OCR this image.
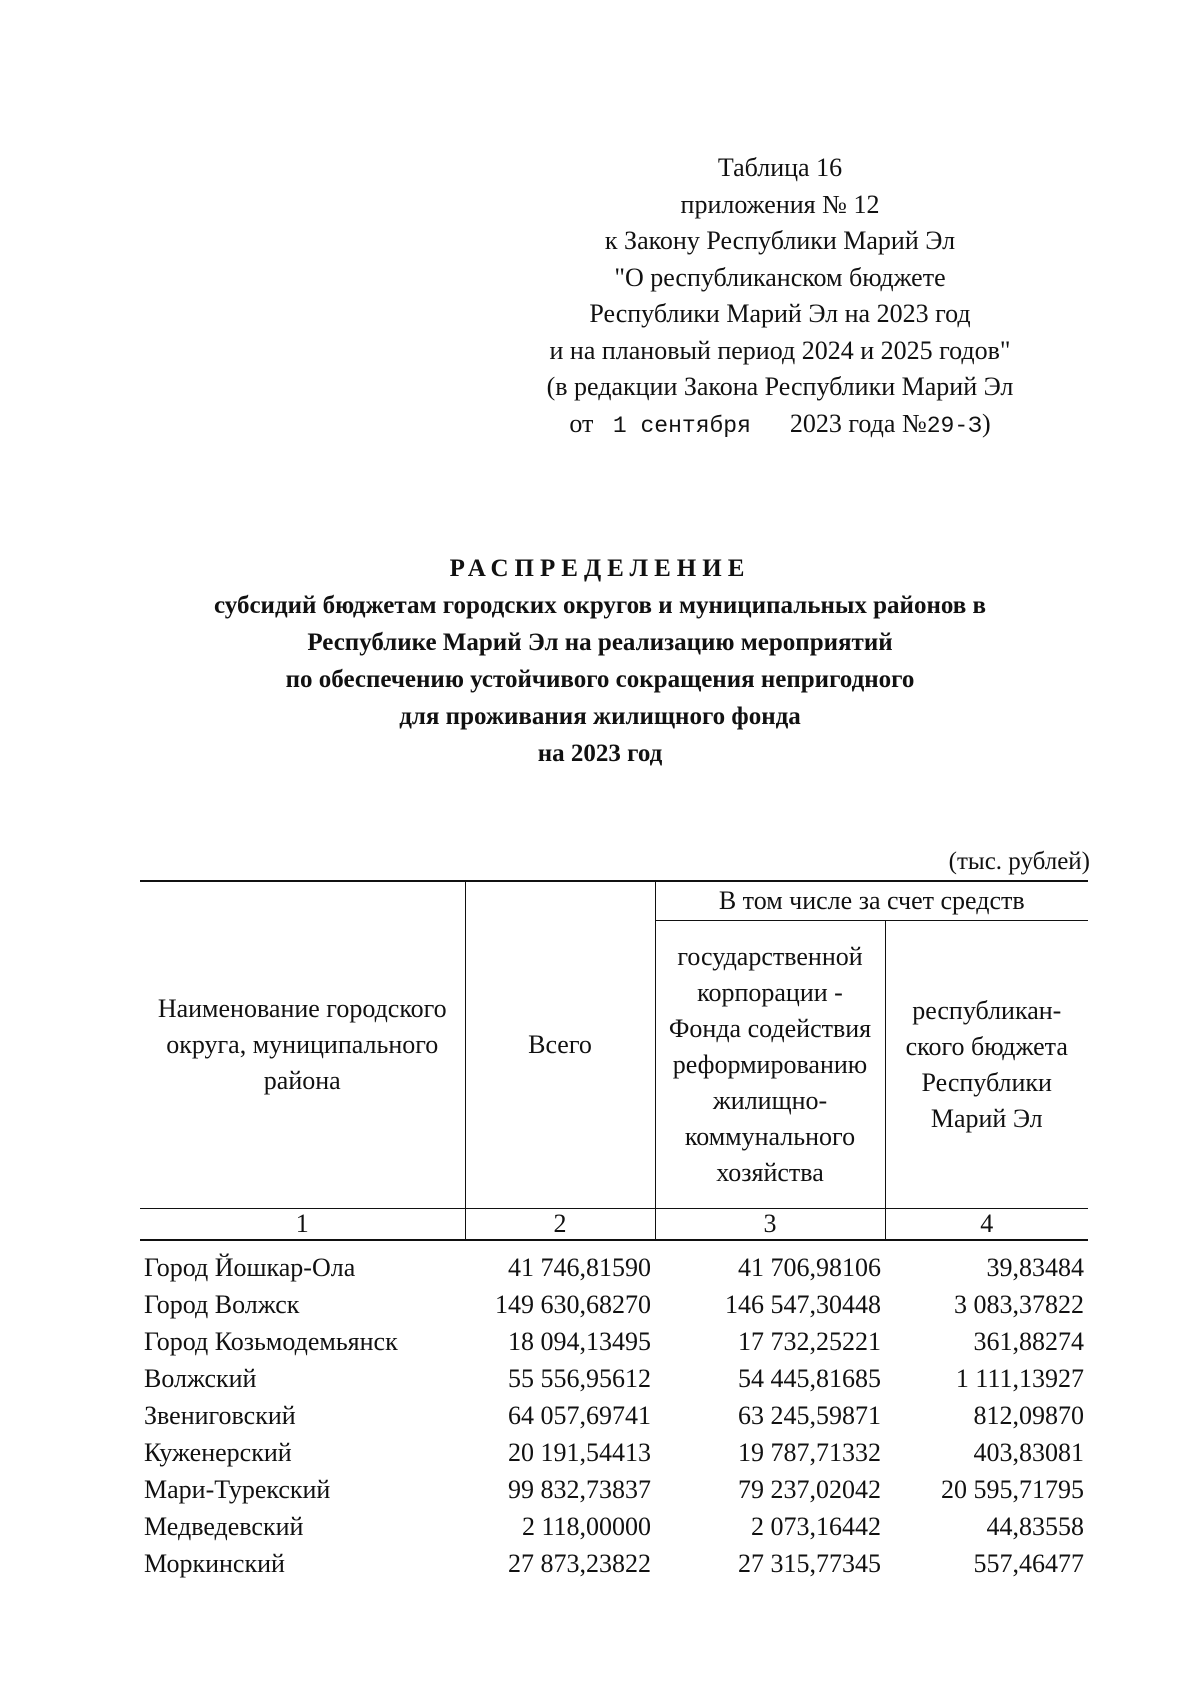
Таблица 16
приложения № 12
к Закону Республики Марий Эл
"О республиканском бюджете
Республики Марий Эл на 2023 год
и на плановый период 2024 и 2025 годов"
(в редакции Закона Республики Марий Эл
от 1 сентября 2023 года №29-З)
РАСПРЕДЕЛЕНИЕ
субсидий бюджетам городских округов и муниципальных районов в
Республике Марий Эл на реализацию мероприятий
по обеспечению устойчивого сокращения непригодного
для проживания жилищного фонда
на 2023 год
(тыс. рублей)
Наименование городского округа, муниципального района	Всего	В том числе за счет средств	
		государственной корпорации - Фонда содействия реформированию жилищно-коммунального хозяйства	республикан-ского бюджета Республики Марий Эл
1	2	3	4
Город Йошкар-Ола	41 746,81590	41 706,98106	39,83484
Город Волжск	149 630,68270	146 547,30448	3 083,37822
Город Козьмодемьянск	18 094,13495	17 732,25221	361,88274
Волжский	55 556,95612	54 445,81685	1 111,13927
Звениговский	64 057,69741	63 245,59871	812,09870
Куженерский	20 191,54413	19 787,71332	403,83081
Мари-Турекский	99 832,73837	79 237,02042	20 595,71795
Медведевский	2 118,00000	2 073,16442	44,83558
Моркинский	27 873,23822	27 315,77345	557,46477
